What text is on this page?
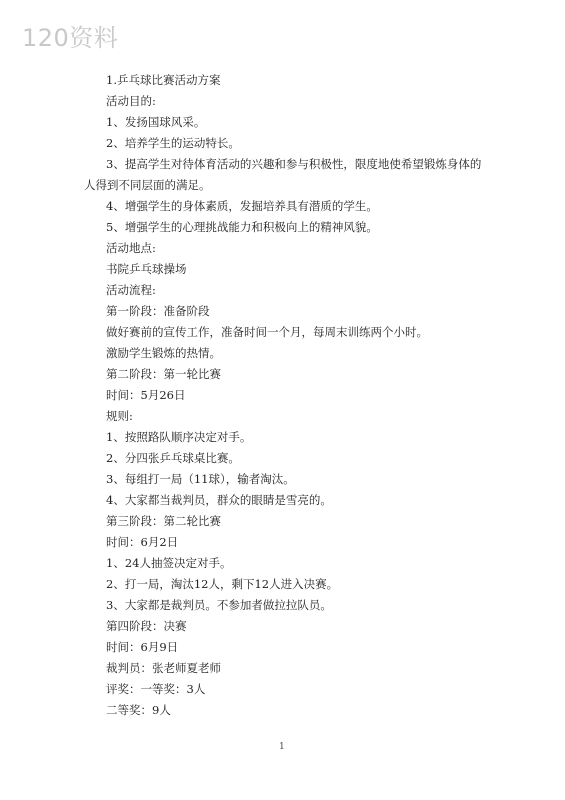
120资料
1.乒乓球比赛活动方案
活动目的:
1、发扬国球风采。
2、培养学生的运动特长。
3、提高学生对待体育活动的兴趣和参与积极性，限度地使希望锻炼身体的
人得到不同层面的满足。
4、增强学生的身体素质，发掘培养具有潜质的学生。
5、增强学生的心理挑战能力和积极向上的精神风貌。
活动地点:
书院乒乓球操场
活动流程:
第一阶段：准备阶段
做好赛前的宣传工作，准备时间一个月，每周末训练两个小时。
激励学生锻炼的热情。
第二阶段：第一轮比赛
时间：5月26日
规则:
1、按照路队顺序决定对手。
2、分四张乒乓球桌比赛。
3、每组打一局（11球），输者淘汰。
4、大家都当裁判员，群众的眼睛是雪亮的。
第三阶段：第二轮比赛
时间：6月2日
1、24人抽签决定对手。
2、打一局，淘汰12人，剩下12人进入决赛。
3、大家都是裁判员。不参加者做拉拉队员。
第四阶段：决赛
时间：6月9日
裁判员：张老师夏老师
评奖：一等奖：3人
二等奖：9人
1
